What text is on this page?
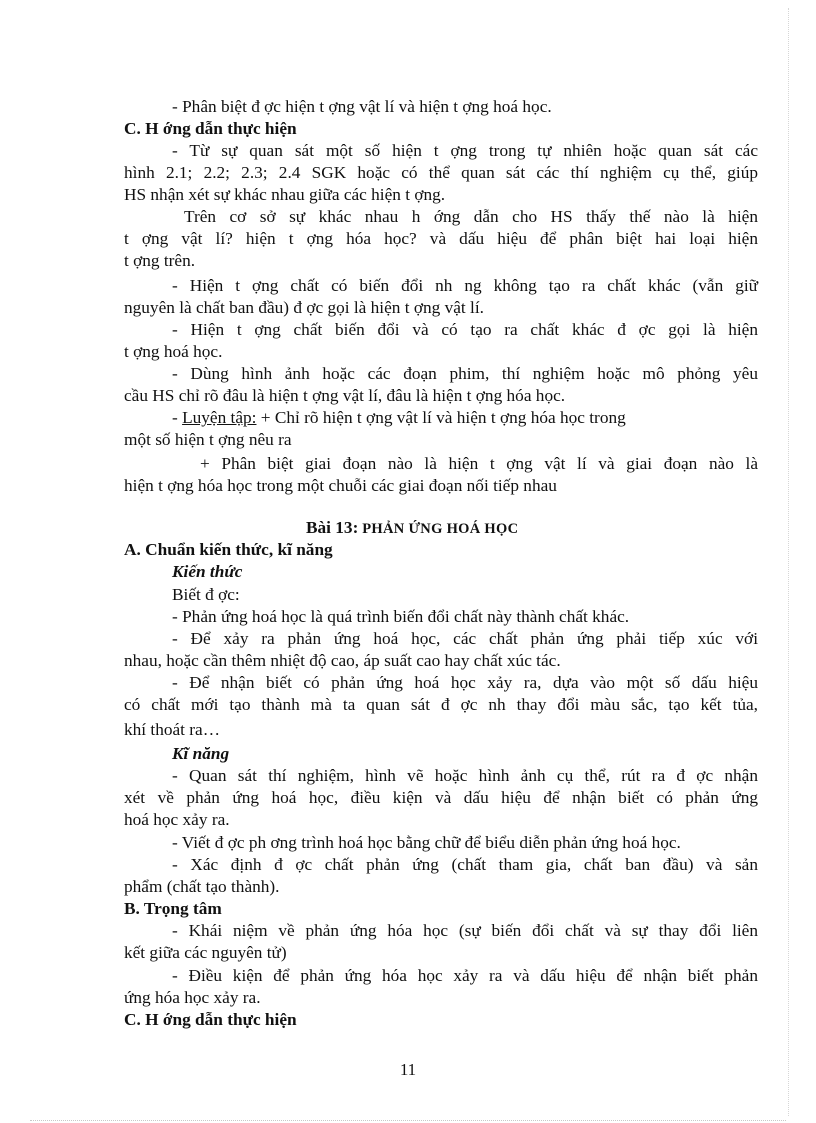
- Phân biệt đ ợc hiện t ợng vật lí và hiện t ợng hoá học.
C. H ớng dẫn thực hiện
- Từ sự quan sát một số hiện t ợng trong tự nhiên hoặc quan sát các
hình 2.1; 2.2; 2.3; 2.4 SGK hoặc có thể quan sát các thí nghiệm cụ thể, giúp
HS nhận xét sự khác nhau giữa các hiện t ợng.
Trên cơ sở sự khác nhau h ớng dẫn cho HS thấy thế nào là hiện
t ợng vật lí? hiện t ợng hóa học? và dấu hiệu để phân biệt hai loại hiện
t ợng trên.
- Hiện t ợng chất có biến đổi nh ng không tạo ra chất khác (vẫn giữ
nguyên là chất ban đầu) đ ợc gọi là hiện t ợng vật lí.
- Hiện t ợng chất biến đổi và có tạo ra chất khác đ ợc gọi là hiện
t ợng hoá học.
- Dùng hình ảnh hoặc các đoạn phim, thí nghiệm hoặc mô phỏng yêu
cầu HS chỉ rõ đâu là hiện t ợng vật lí, đâu là hiện t ợng hóa học.
- Luyện tập: + Chỉ rõ hiện t ợng vật lí và hiện t ợng hóa học trong
một số hiện t ợng nêu ra
+ Phân biệt giai đoạn nào là hiện t ợng vật lí và giai đoạn nào là
hiện t ợng hóa học trong một chuỗi các giai đoạn nối tiếp nhau
Bài 13: PHẢN ỨNG HOÁ HỌC
A. Chuẩn kiến thức, kĩ năng
Kiến thức
Biết đ ợc:
- Phản ứng hoá học là quá trình biến đổi chất này thành chất khác.
- Để xảy ra phản ứng hoá học, các chất phản ứng phải tiếp xúc với
nhau, hoặc cần thêm nhiệt độ cao, áp suất cao hay chất xúc tác.
- Để nhận biết có phản ứng hoá học xảy ra, dựa vào một số dấu hiệu
có chất mới tạo thành mà ta quan sát đ ợc nh thay đổi màu sắc, tạo kết tủa,
khí thoát ra…
Kĩ năng
- Quan sát thí nghiệm, hình vẽ hoặc hình ảnh cụ thể, rút ra đ ợc nhận
xét về phản ứng hoá học, điều kiện và dấu hiệu để nhận biết có phản ứng
hoá học xảy ra.
- Viết đ ợc ph ơng trình hoá học bằng chữ để biểu diễn phản ứng hoá học.
- Xác định đ ợc chất phản ứng (chất tham gia, chất ban đầu) và sản
phẩm (chất tạo thành).
B. Trọng tâm
- Khái niệm về phản ứng hóa học (sự biến đổi chất và sự thay đổi liên
kết giữa các nguyên tử)
- Điều kiện để phản ứng hóa học xảy ra và dấu hiệu để nhận biết phản
ứng hóa học xảy ra.
C. H ớng dẫn thực hiện
11
